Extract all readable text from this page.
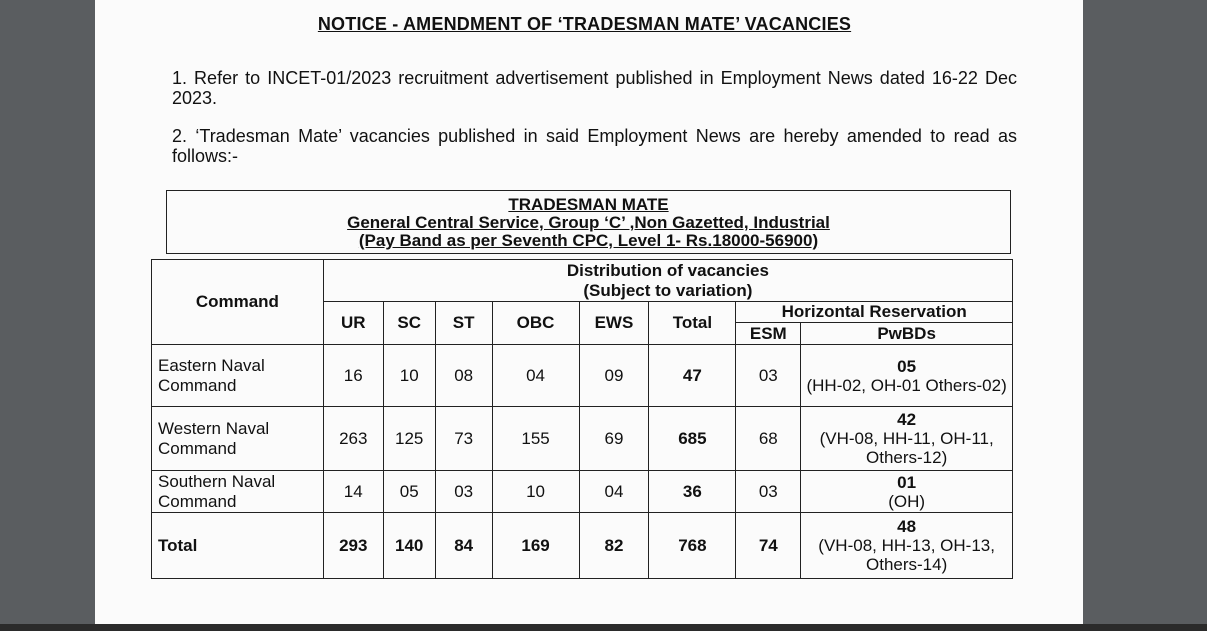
NOTICE - AMENDMENT OF ‘TRADESMAN MATE’ VACANCIES
1. Refer to INCET-01/2023 recruitment advertisement published in Employment News dated 16-22 Dec 2023.
2. ‘Tradesman Mate’ vacancies published in said Employment News are hereby amended to read as follows:-
TRADESMAN MATE
General Central Service, Group ‘C’ ,Non Gazetted, Industrial
(Pay Band as per Seventh CPC, Level 1- Rs.18000-56900)
Command	Distribution of vacancies
(Subject to variation)							

	UR	SC	ST	OBC	EWS	Total	Horizontal Reservation	
							ESM	PwBDs
Eastern Naval Command	16	10	08	04	09	47	03	05
(HH-02, OH-01 Others-02)
Western Naval Command	263	125	73	155	69	685	68	42
(VH-08, HH-11, OH-11, Others-12)
Southern Naval Command	14	05	03	10	04	36	03	01
(OH)
Total	293	140	84	169	82	768	74	48
(VH-08, HH-13, OH-13, Others-14)
